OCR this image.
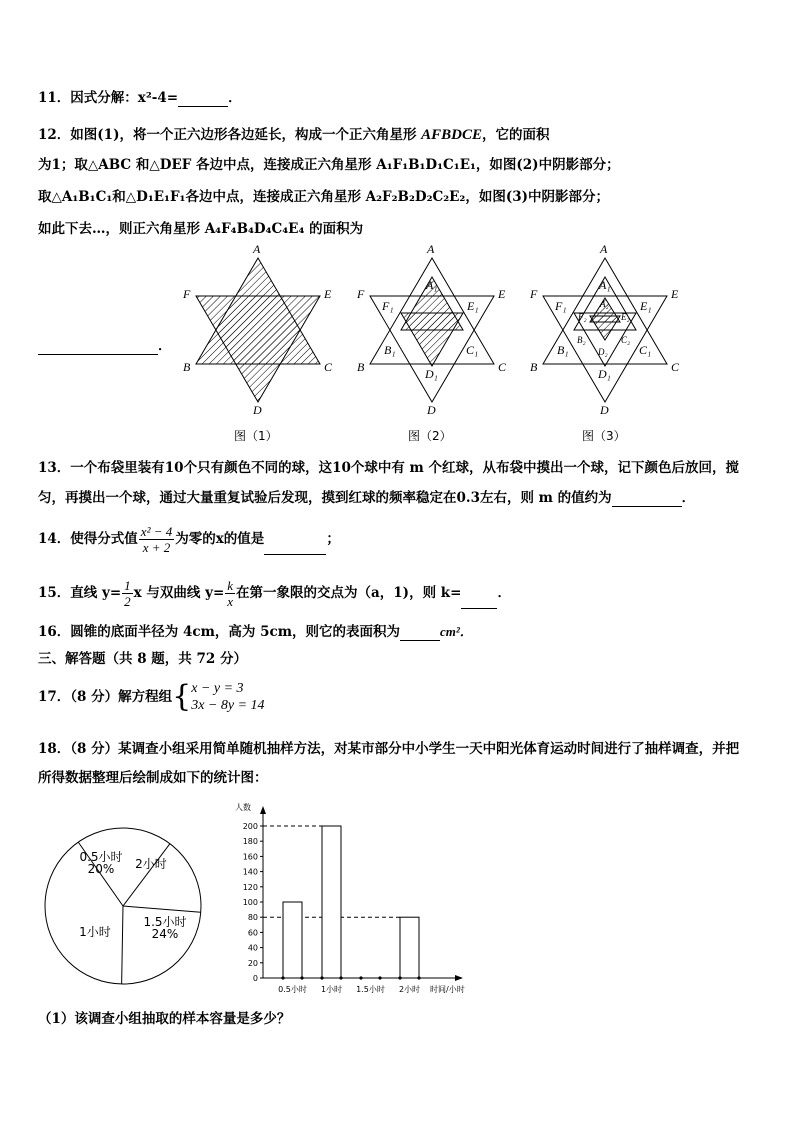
11．因式分解：x²-4=	．
12．如图(1)，将一个正六边形各边延长，构成一个正六角星形 AFBDCE，它的面积
为1；取△ABC 和△DEF 各边中点，连接成正六角星形 A₁F₁B₁D₁C₁E₁，如图(2)中阴影部分；
取△A₁B₁C₁和△D₁E₁F₁各边中点，连接成正六角星形 A₂F₂B₂D₂C₂E₂，如图(3)中阴影部分；
如此下去…，则正六角星形 A₄F₄B₄D₄C₄E₄ 的面积为
．
A
F	E
B	C
D
图（1）
A
F	E
B	C
D
A₁
F₁	E₁
B₁	C₁
D₁
图（2）
A
F	E
B	C
D
A₁
F₁	E₁
B₁	C₁
D₁
A₂
F₂	E₂
B₂	C₂
D₂
图（3）
13．一个布袋里装有10个只有颜色不同的球，这10个球中有 m 个红球，从布袋中摸出一个球，记下颜色后放回，搅
匀，再摸出一个球，通过大量重复试验后发现，摸到红球的频率稳定在0.3左右，则 m 的值约为	．
14．使得分式值 $\frac{\text{x² − 4}}{x + 2}$ 为零的x的值是	；
15．直线 $y= \frac{1}{2}$ x 与双曲线 $y= \frac{k}{x}$ 在第一象限的交点为（a，1)，则 k=	．
16．圆锥的底面半径为 4cm，高为 5cm，则它的表面积为	cm²．
三、解答题（共 8 题，共 72 分）
17．（8 分）解方程组{ x − y = 3
3x − 8y = 14
18．（8 分）某调查小组采用简单随机抽样方法，对某市部分中小学生一天中阳光体育运动时间进行了抽样调查，并把
所得数据整理后绘制成如下的统计图：
0.5小时
20% 2小时
1.5小时
24%
1小时
人数
0
20
40
60
80
100
120
140
160
180
200
0.5小时 1小时 1.5小时 2小时 时间/小时
（1）该调查小组抽取的样本容量是多少？
